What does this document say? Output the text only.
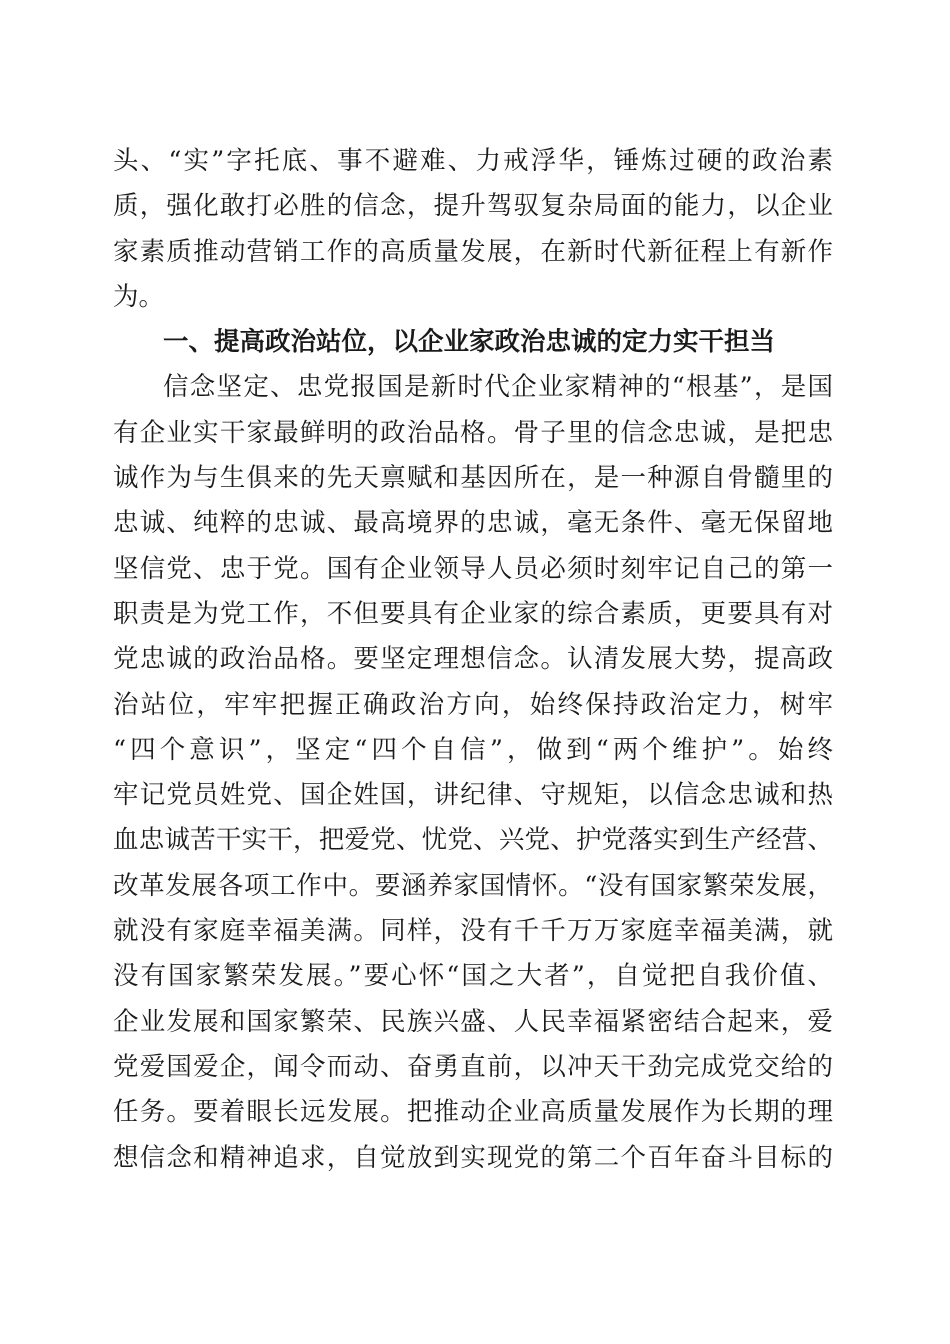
头、“实”字托底、事不避难、力戒浮华，锤炼过硬的政治素
质，强化敢打必胜的信念，提升驾驭复杂局面的能力，以企业
家素质推动营销工作的高质量发展，在新时代新征程上有新作
为。
一、提高政治站位，以企业家政治忠诚的定力实干担当
信念坚定、忠党报国是新时代企业家精神的“根基”，是国
有企业实干家最鲜明的政治品格。骨子里的信念忠诚，是把忠
诚作为与生俱来的先天禀赋和基因所在，是一种源自骨髓里的
忠诚、纯粹的忠诚、最高境界的忠诚，毫无条件、毫无保留地
坚信党、忠于党。国有企业领导人员必须时刻牢记自己的第一
职责是为党工作，不但要具有企业家的综合素质，更要具有对
党忠诚的政治品格。要坚定理想信念。认清发展大势，提高政
治站位，牢牢把握正确政治方向，始终保持政治定力，树牢
“四个意识”，坚定“四个自信”，做到“两个维护”。始终
牢记党员姓党、国企姓国，讲纪律、守规矩，以信念忠诚和热
血忠诚苦干实干，把爱党、忧党、兴党、护党落实到生产经营、
改革发展各项工作中。要涵养家国情怀。“没有国家繁荣发展，
就没有家庭幸福美满。同样，没有千千万万家庭幸福美满，就
没有国家繁荣发展。”要心怀“国之大者”，自觉把自我价值、
企业发展和国家繁荣、民族兴盛、人民幸福紧密结合起来，爱
党爱国爱企，闻令而动、奋勇直前，以冲天干劲完成党交给的
任务。要着眼长远发展。把推动企业高质量发展作为长期的理
想信念和精神追求，自觉放到实现党的第二个百年奋斗目标的
